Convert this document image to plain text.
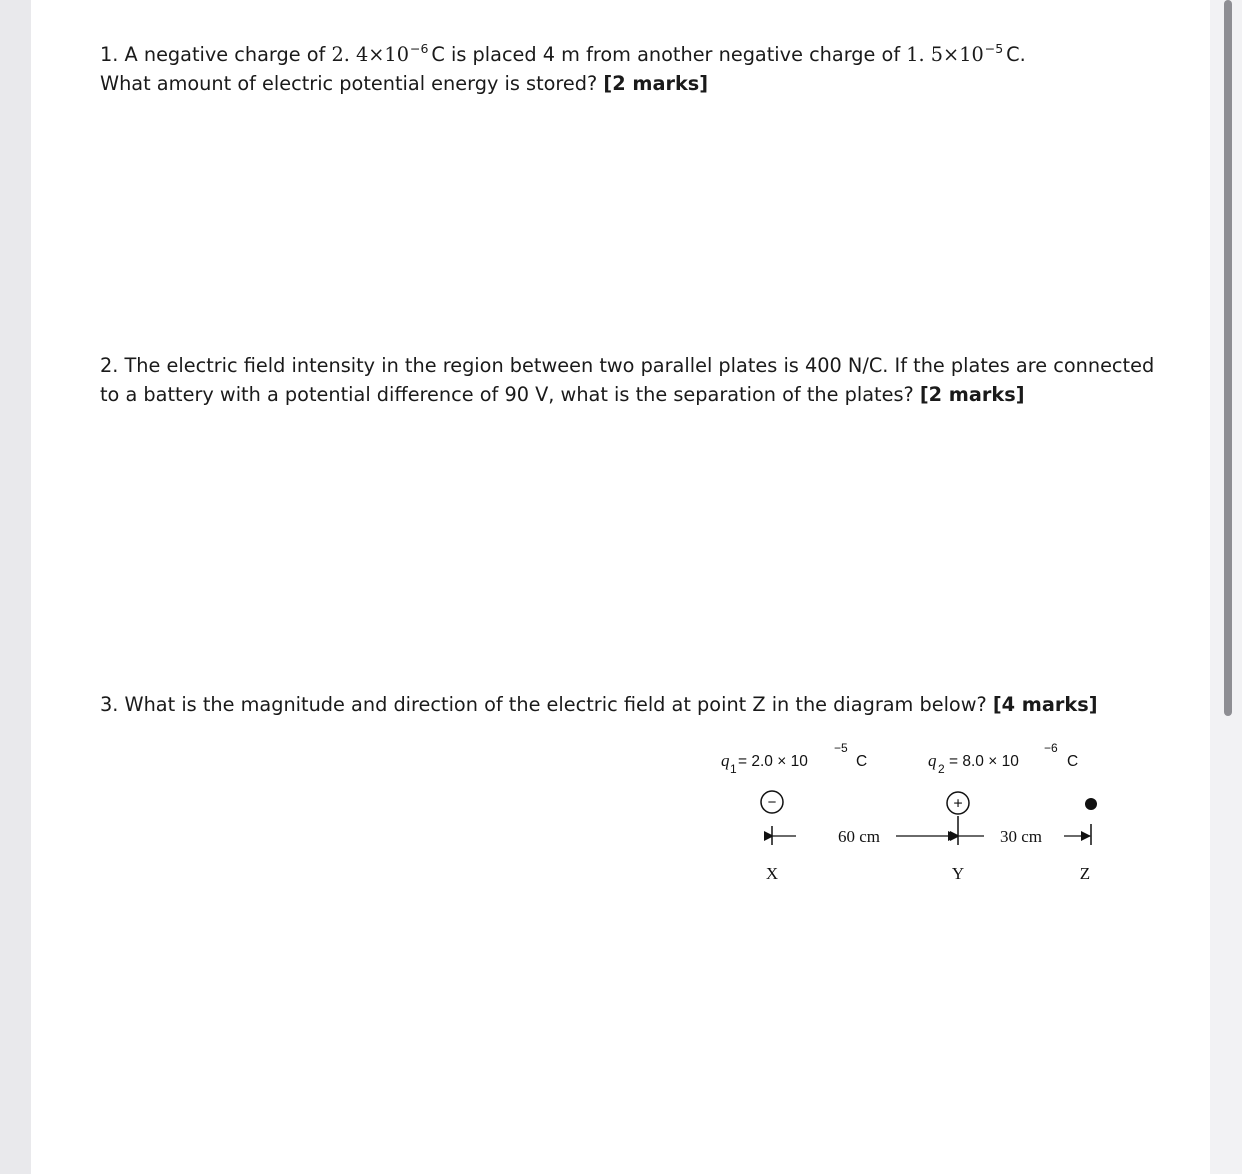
1. A negative charge of 2. $4\times 10^{-6}$ C is placed 4 m from another negative charge of 1. $5\times 10^{-5}$ C.
What amount of electric potential energy is stored? [2 marks]
2. The electric field intensity in the region between two parallel plates is 400 N/C. If the plates are connected
to a battery with a potential difference of 90 V, what is the separation of the plates? [2 marks]
3. What is the magnitude and direction of the electric field at point Z in the diagram below? [4 marks]
q 1 = 2.0 × 10
−5
C	q 2 = 8.0 × 10
−6
C
−	+
60 cm	30 cm
X	Y	Z
